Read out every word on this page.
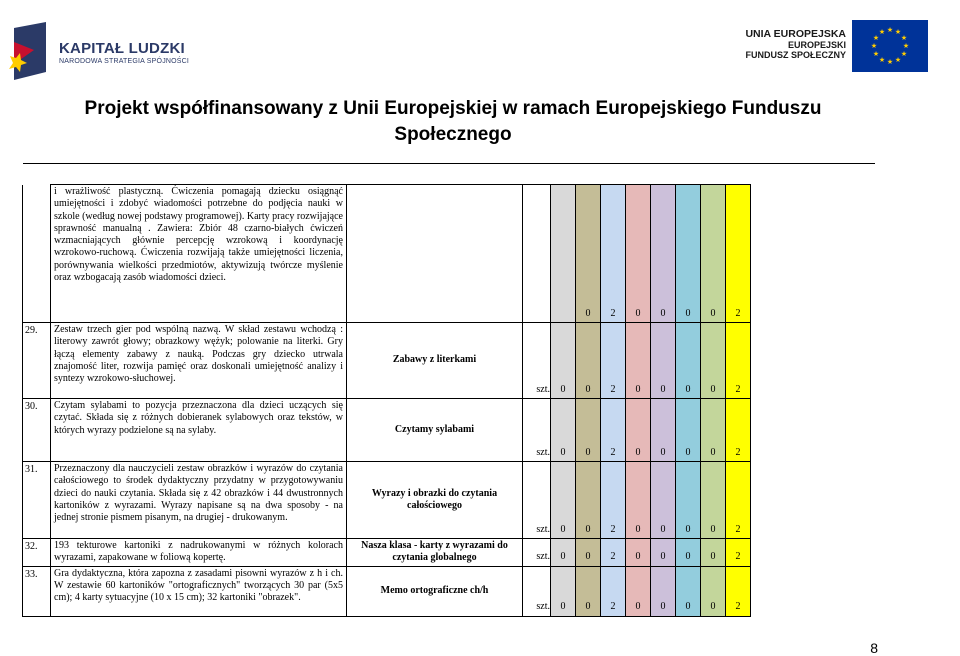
KAPITAŁ LUDZKI
NARODOWA STRATEGIA SPÓJNOŚCI
UNIA EUROPEJSKA
EUROPEJSKI
FUNDUSZ SPOŁECZNY
★ ★
★
★
★
★
★
★
★
★
★
★
Projekt współfinansowany z Unii Europejskiej w ramach Europejskiego Funduszu Społecznego
	i wrażliwość plastyczną. Ćwiczenia pomagają dziecku osiągnąć umiejętności i zdobyć wiadomości potrzebne do podjęcia nauki w szkole (według nowej podstawy programowej). Karty pracy rozwijające sprawność manualną . Zawiera: Zbiór 48 czarno-białych ćwiczeń wzmacniających głównie percepcję wzrokową i koordynację wzrokowo-ruchową. Ćwiczenia rozwijają także umiejętności liczenia, porównywania wielkości przedmiotów, aktywizują twórcze myślenie oraz wzbogacają zasób wiadomości dzieci.				0	2	0	0	0	0	2
29.	Zestaw trzech gier pod wspólną nazwą. W skład zestawu wchodzą : literowy zawrót głowy; obrazkowy wężyk; polowanie na literki. Gry łączą elementy zabawy z nauką. Podczas gry dziecko utrwala znajomość liter, rozwija pamięć oraz doskonali umiejętność analizy i syntezy wzrokowo-słuchowej.	Zabawy z literkami	szt.	0	0	2	0	0	0	0	2
30.	Czytam sylabami to pozycja przeznaczona dla dzieci uczących się czytać. Składa się z różnych dobieranek sylabowych oraz tekstów, w których wyrazy podzielone są na sylaby.	Czytamy sylabami	szt.	0	0	2	0	0	0	0	2
31.	Przeznaczony dla nauczycieli zestaw obrazków i wyrazów do czytania całościowego to środek dydaktyczny przydatny w przygotowywaniu dzieci do nauki czytania. Składa się z 42 obrazków i 44 dwustronnych kartoników z wyrazami. Wyrazy napisane są na dwa sposoby - na jednej stronie pismem pisanym, na drugiej - drukowanym.	Wyrazy i obrazki do czytania całościowego	szt.	0	0	2	0	0	0	0	2
32.	193 tekturowe kartoniki z nadrukowanymi w różnych kolorach wyrazami, zapakowane w foliową kopertę.	Nasza klasa - karty z wyrazami do czytania globalnego	szt.	0	0	2	0	0	0	0	2
33.	Gra dydaktyczna, która zapozna z zasadami pisowni wyrazów z h i ch. W zestawie 60 kartoników "ortograficznych" tworzących 30 par (5x5 cm); 4 karty sytuacyjne (10 x 15 cm); 32 kartoniki "obrazek".	Memo ortograficzne ch/h	szt.	0	0	2	0	0	0	0	2
8
